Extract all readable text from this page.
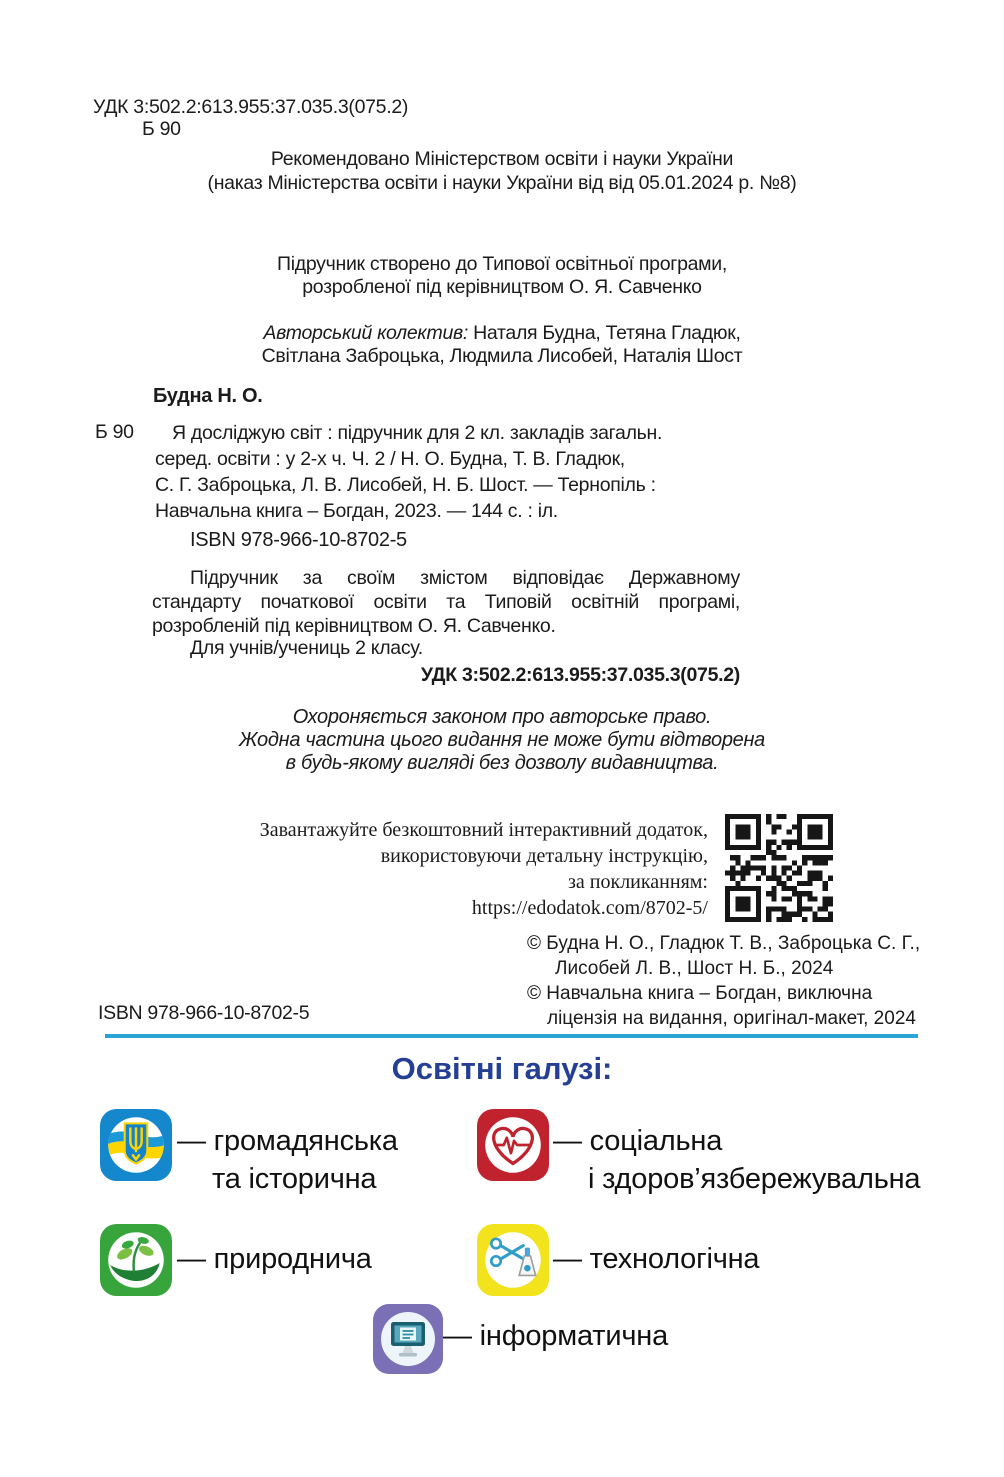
УДК 3:502.2:613.955:37.035.3(075.2)
Б 90
Рекомендовано Міністерством освіти і науки України
(наказ Міністерства освіти і науки України від від 05.01.2024 р. №8)
Підручник створено до Типової освітньої програми,
розробленої під керівництвом О. Я. Савченко
Авторський колектив: Наталя Будна, Тетяна Гладюк,
Світлана Заброцька, Людмила Лисобей, Наталія Шост
Будна Н. О.
Б 90	Я досліджую світ : підручник для 2 кл. закладів загальн.
серед. освіти : у 2-х ч. Ч. 2 / Н. О. Будна, Т. В. Гладюк,
С. Г. Заброцька, Л. В. Лисобей, Н. Б. Шост. — Тернопіль :
Навчальна книга – Богдан, 2023. — 144 с. : іл.
ISBN 978-966-10-8702-5
Підручник за своїм змістом відповідає Державному
стандарту початкової освіти та Типовій освітній програмі,
розробленій під керівництвом О. Я. Савченко.
Для учнів/учениць 2 класу.
УДК 3:502.2:613.955:37.035.3(075.2)
Охороняється законом про авторське право.
Жодна частина цього видання не може бути відтворена
в будь-якому вигляді без дозволу видавництва.
Завантажуйте безкоштовний інтерактивний додаток,
використовуючи детальну інструкцію,
за покликанням:
https://edodatok.com/8702-5/
© Будна Н. О., Гладюк Т. В., Заброцька С. Г.,
Лисобей Л. В., Шост Н. Б., 2024
© Навчальна книга – Богдан, виключна
ліцензія на видання, оригінал-макет, 2024
ISBN 978-966-10-8702-5
Освітні галузі:
— громадянська
та історична
— соціальна
і здоров’язбережувальна
— природнича	— технологічна
— інформатична
